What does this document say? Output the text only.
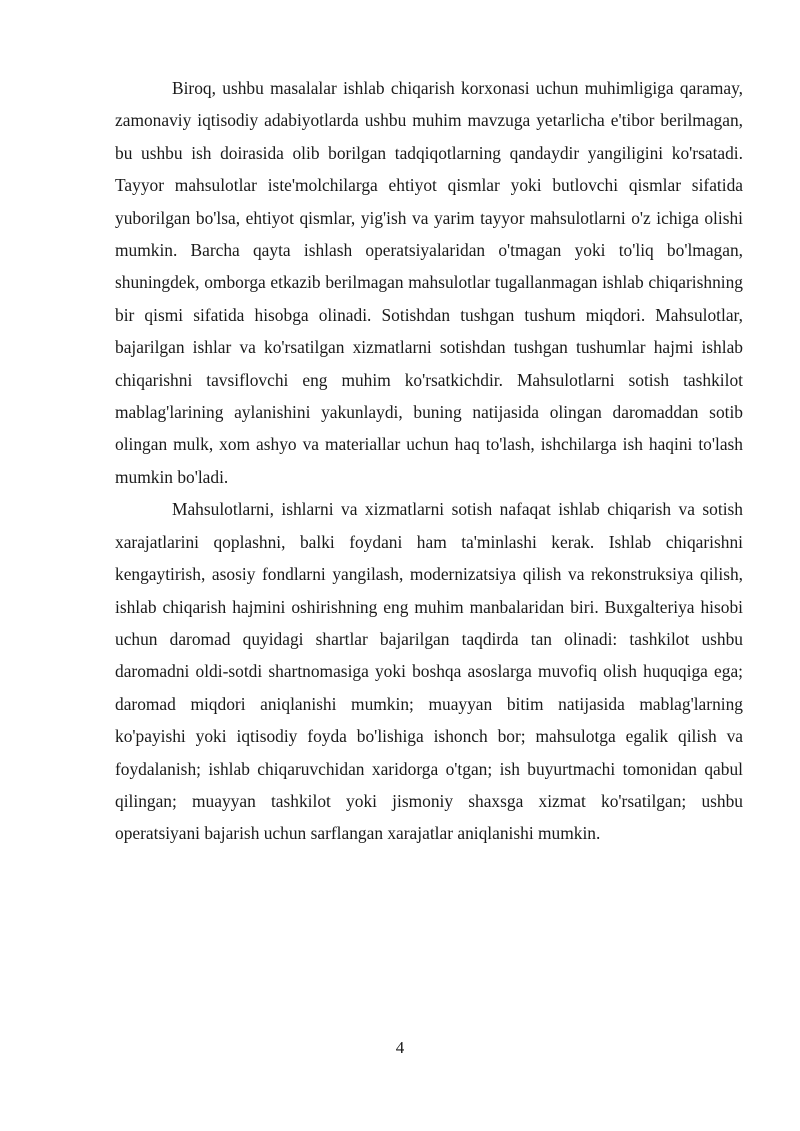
Biroq, ushbu masalalar ishlab chiqarish korxonasi uchun muhimligiga qaramay, zamonaviy iqtisodiy adabiyotlarda ushbu muhim mavzuga yetarlicha e'tibor berilmagan, bu ushbu ish doirasida olib borilgan tadqiqotlarning qandaydir yangiligini ko'rsatadi. Tayyor mahsulotlar iste'molchilarga ehtiyot qismlar yoki butlovchi qismlar sifatida yuborilgan bo'lsa, ehtiyot qismlar, yig'ish va yarim tayyor mahsulotlarni o'z ichiga olishi mumkin. Barcha qayta ishlash operatsiyalaridan o'tmagan yoki to'liq bo'lmagan, shuningdek, omborga etkazib berilmagan mahsulotlar tugallanmagan ishlab chiqarishning bir qismi sifatida hisobga olinadi. Sotishdan tushgan tushum miqdori. Mahsulotlar, bajarilgan ishlar va ko'rsatilgan xizmatlarni sotishdan tushgan tushumlar hajmi ishlab chiqarishni tavsiflovchi eng muhim ko'rsatkichdir. Mahsulotlarni sotish tashkilot mablag'larining aylanishini yakunlaydi, buning natijasida olingan daromaddan sotib olingan mulk, xom ashyo va materiallar uchun haq to'lash, ishchilarga ish haqini to'lash mumkin bo'ladi.

Mahsulotlarni, ishlarni va xizmatlarni sotish nafaqat ishlab chiqarish va sotish xarajatlarini qoplashni, balki foydani ham ta'minlashi kerak. Ishlab chiqarishni kengaytirish, asosiy fondlarni yangilash, modernizatsiya qilish va rekonstruksiya qilish, ishlab chiqarish hajmini oshirishning eng muhim manbalaridan biri. Buxgalteriya hisobi uchun daromad quyidagi shartlar bajarilgan taqdirda tan olinadi: tashkilot ushbu daromadni oldi-sotdi shartnomasiga yoki boshqa asoslarga muvofiq olish huquqiga ega; daromad miqdori aniqlanishi mumkin; muayyan bitim natijasida mablag'larning ko'payishi yoki iqtisodiy foyda bo'lishiga ishonch bor; mahsulotga egalik qilish va foydalanish; ishlab chiqaruvchidan xaridorga o'tgan; ish buyurtmachi tomonidan qabul qilingan; muayyan tashkilot yoki jismoniy shaxsga xizmat ko'rsatilgan; ushbu operatsiyani bajarish uchun sarflangan xarajatlar aniqlanishi mumkin.

4
